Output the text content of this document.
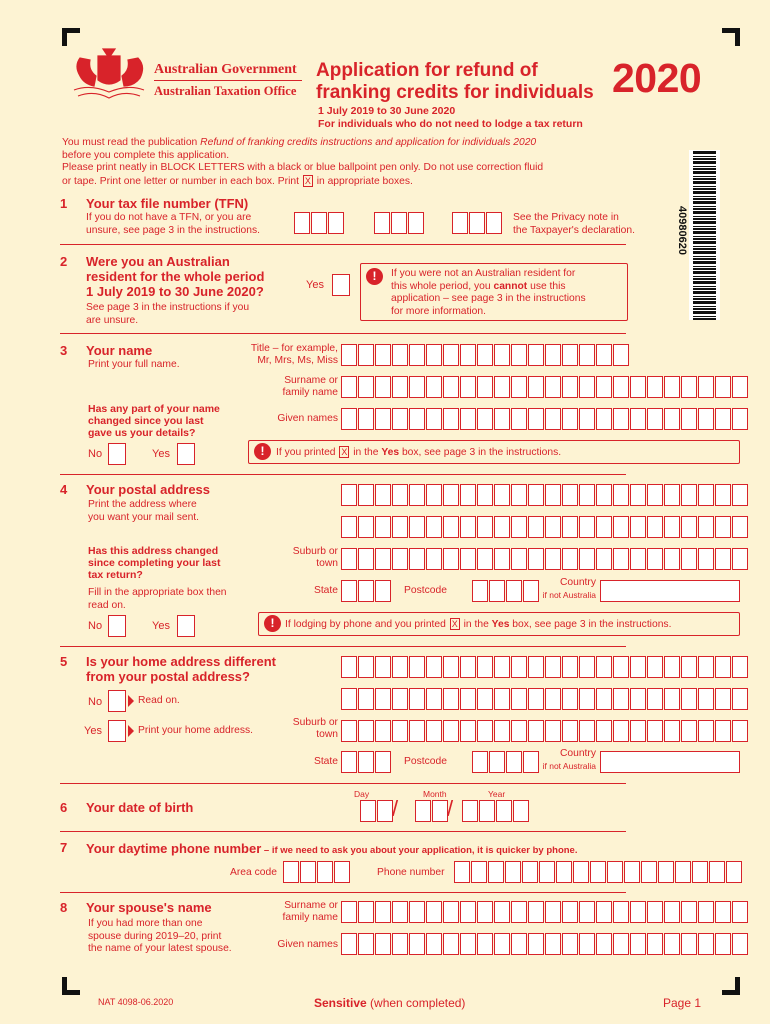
Australian Government
Australian Taxation Office
Application for refund of
franking credits for individuals 2020
1 July 2019 to 30 June 2020
For individuals who do not need to lodge a tax return
You must read the publication Refund of franking credits instructions and application for individuals 2020
before you complete this application.
Please print neatly in BLOCK LETTERS with a black or blue ballpoint pen only. Do not use correction fluid
or tape. Print one letter or number in each box. Print X in appropriate boxes.
40980620
1 Your tax file number (TFN)
If you do not have a TFN, or you are
unsure, see page 3 in the instructions.
See the Privacy note in
the Taxpayer's declaration.
2 Were you an Australian
resident for the whole period
1 July 2019 to 30 June 2020?
See page 3 in the instructions if you
are unsure.
Yes
!	If you were not an Australian resident for
this whole period, you cannot use this
application – see page 3 in the instructions
for more information.
3 Your name
Print your full name.
Title – for example,
Mr, Mrs, Ms, Miss
Surname or
family name
Given names
Has any part of your name
changed since you last
gave us your details?
No	Yes	!	If you printed X in the Yes box, see page 3 in the instructions.
4 Your postal address
Print the address where
you want your mail sent.
Has this address changed
since completing your last
tax return?
Fill in the appropriate box then
read on.
Suburb or
town
State	Postcode
Country
if not Australia
No	Yes	!	If lodging by phone and you printed X in the Yes box, see page 3 in the instructions.
5 Is your home address different
from your postal address?
No	Read on.
Yes	Print your home address.
Suburb or
town
State	Postcode
Country
if not Australia
Day	Month	Year
6 Your date of birth	/ /
7 Your daytime phone number – if we need to ask you about your application, it is quicker by phone.
Area code	Phone number
8 Your spouse's name
If you had more than one
spouse during 2019–20, print
the name of your latest spouse.
Surname or
family name
Given names
NAT 4098-06.2020	Sensitive (when completed)	Page 1
